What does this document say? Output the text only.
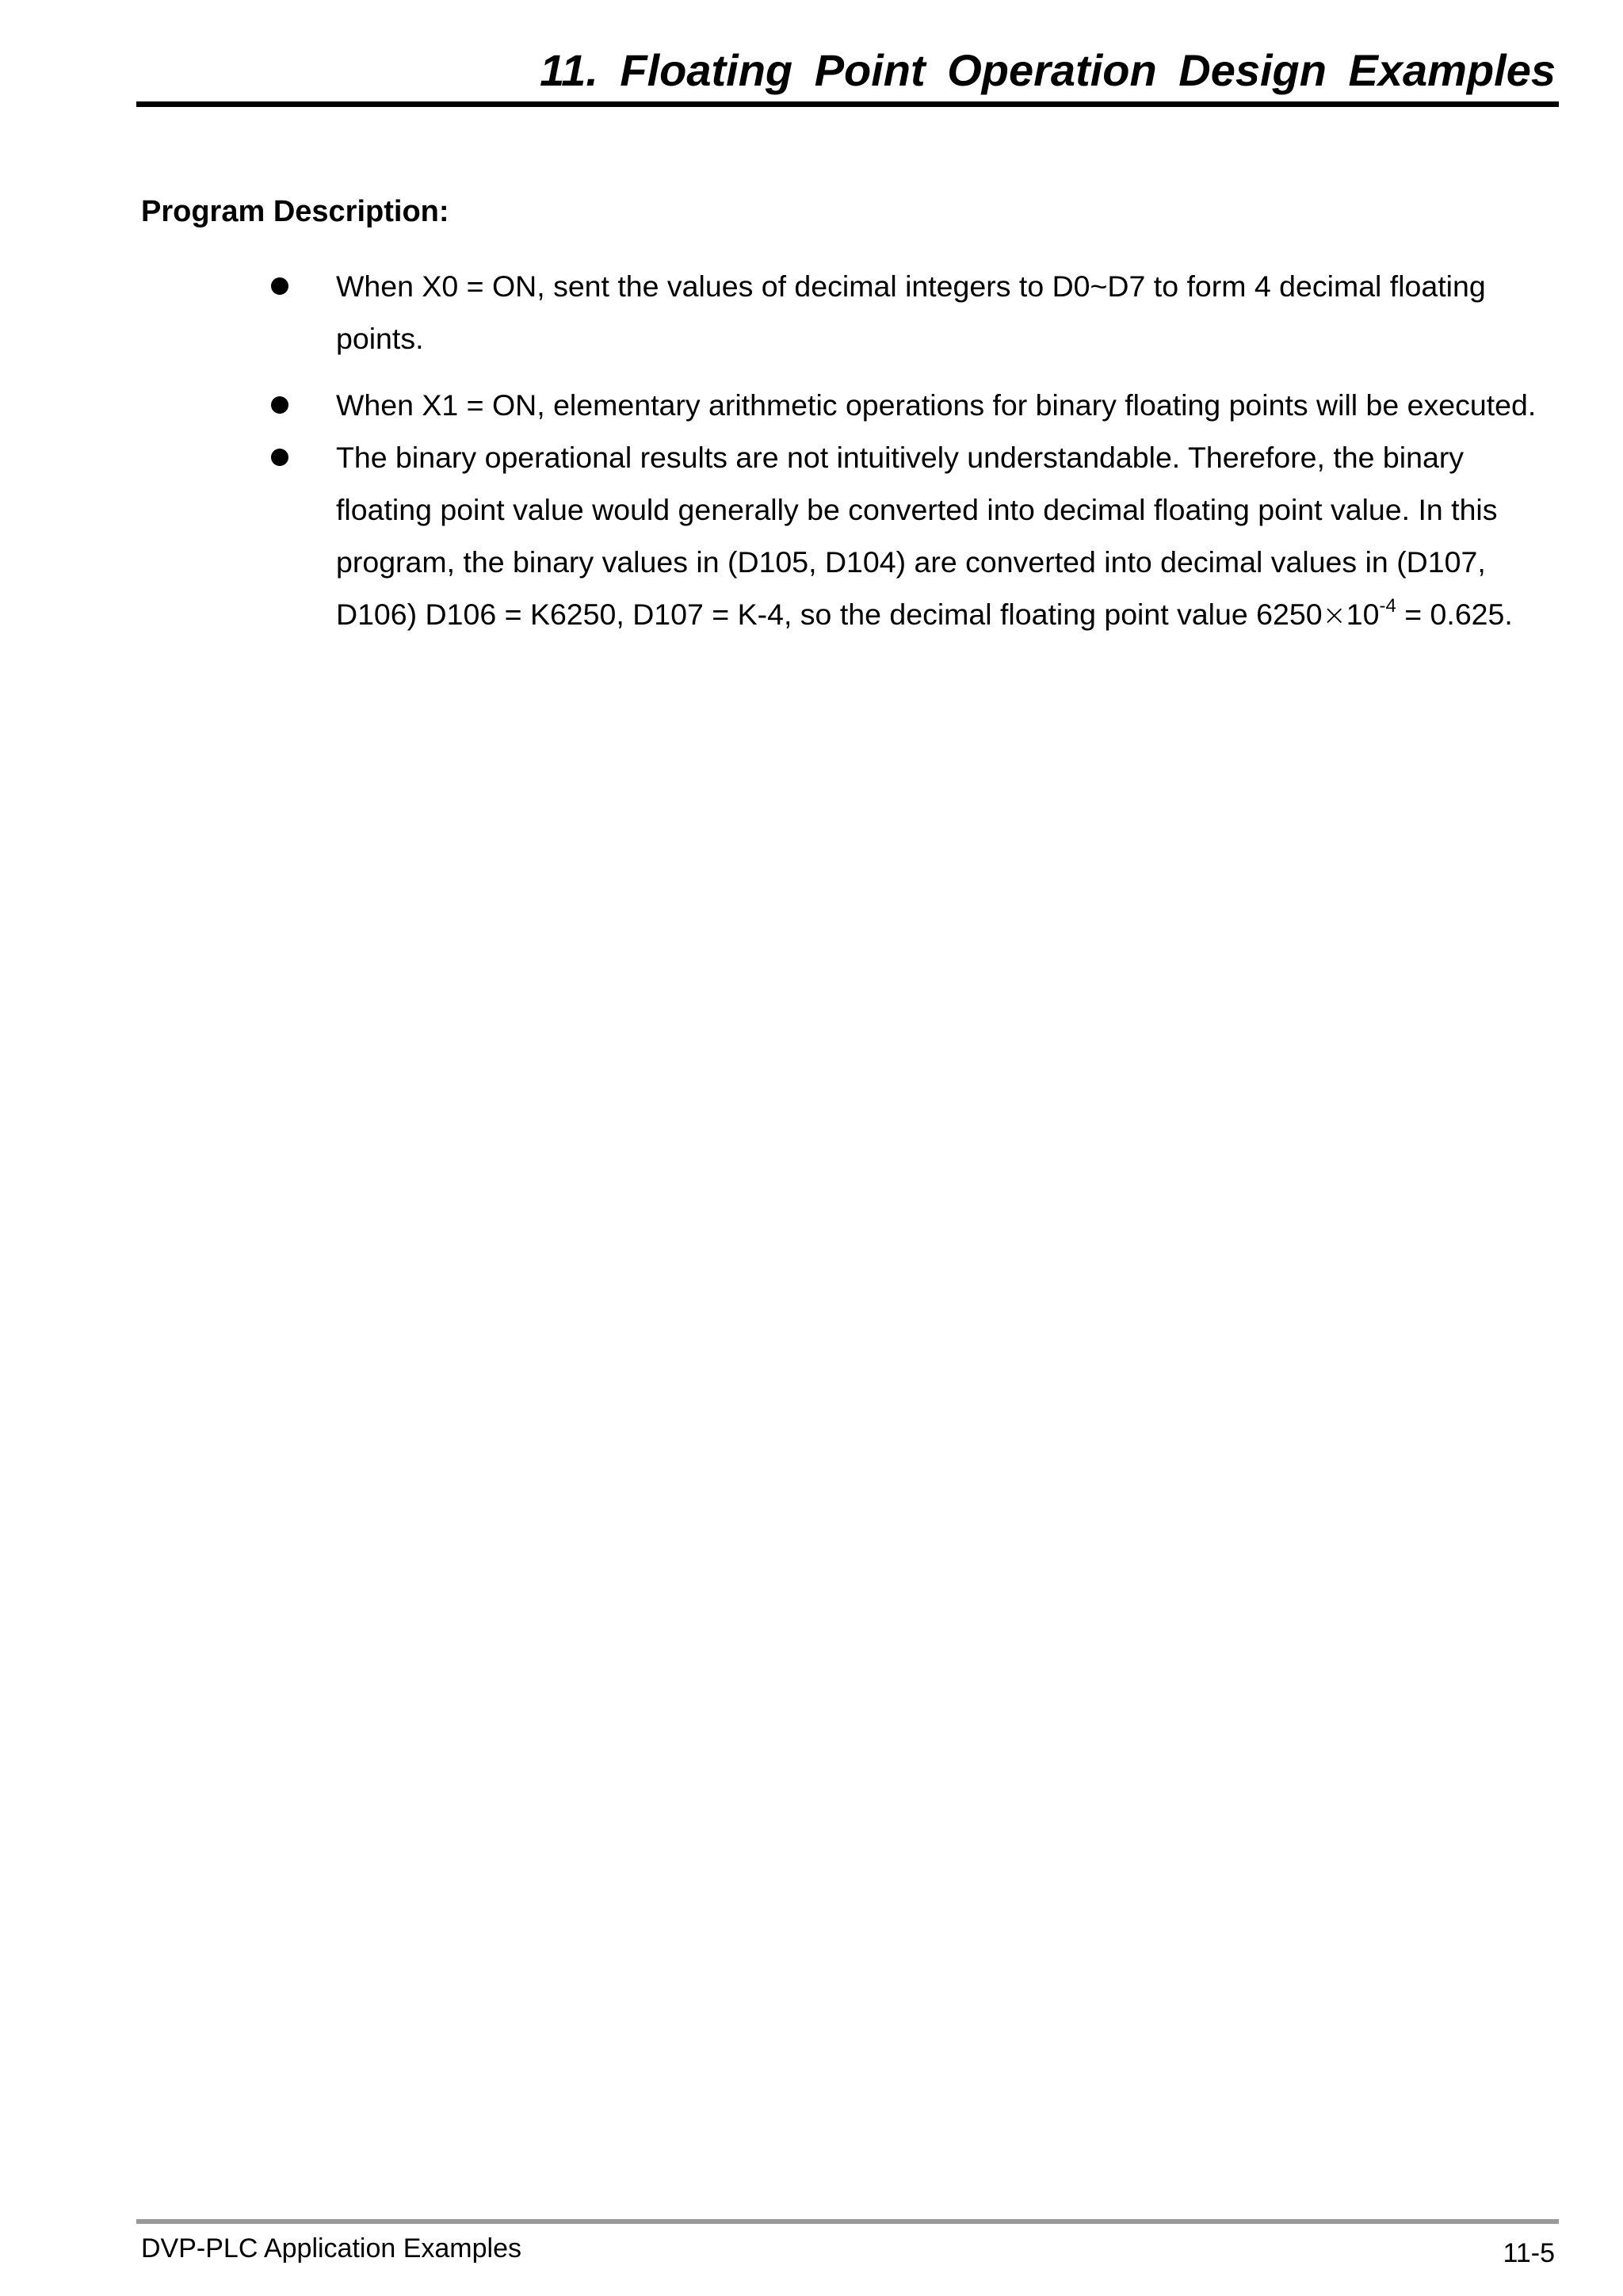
11. Floating Point Operation Design Examples
Program Description:
When X0 = ON, sent the values of decimal integers to D0~D7 to form 4 decimal floating points.
When X1 = ON, elementary arithmetic operations for binary floating points will be executed.
The binary operational results are not intuitively understandable. Therefore, the binary floating point value would generally be converted into decimal floating point value. In this program, the binary values in (D105, D104) are converted into decimal values in (D107, D106) D106 = K6250, D107 = K-4, so the decimal floating point value $6250\times 10^{-4} = 0.625$.
DVP-PLC Application Examples	11-5
